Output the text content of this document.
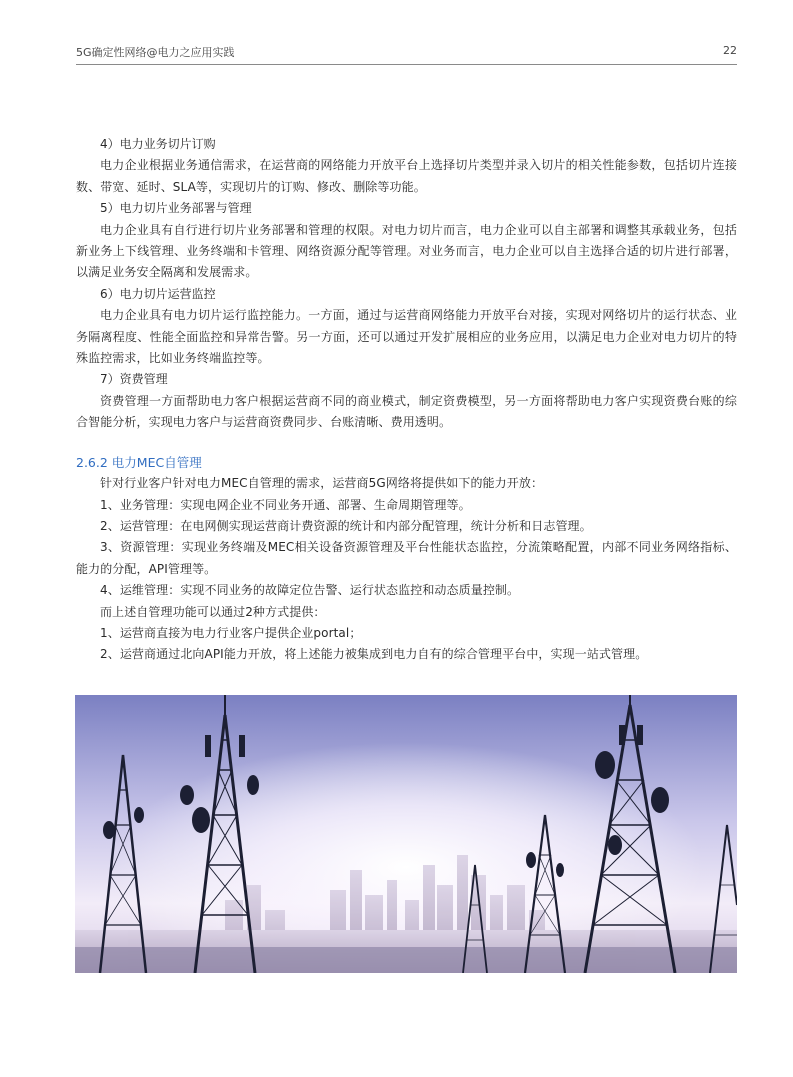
5G确定性网络@电力之应用实践	22

4）电力业务切片订购

电力企业根据业务通信需求，在运营商的网络能力开放平台上选择切片类型并录入切片的相关性能参数，包括切片连接数、带宽、延时、SLA等，实现切片的订购、修改、删除等功能。

5）电力切片业务部署与管理

电力企业具有自行进行切片业务部署和管理的权限。对电力切片而言，电力企业可以自主部署和调整其承载业务，包括新业务上下线管理、业务终端和卡管理、网络资源分配等管理。对业务而言，电力企业可以自主选择合适的切片进行部署，以满足业务安全隔离和发展需求。

6）电力切片运营监控

电力企业具有电力切片运行监控能力。一方面，通过与运营商网络能力开放平台对接，实现对网络切片的运行状态、业务隔离程度、性能全面监控和异常告警。另一方面，还可以通过开发扩展相应的业务应用，以满足电力企业对电力切片的特殊监控需求，比如业务终端监控等。

7）资费管理

资费管理一方面帮助电力客户根据运营商不同的商业模式，制定资费模型，另一方面将帮助电力客户实现资费台账的综合智能分析，实现电力客户与运营商资费同步、台账清晰、费用透明。

2.6.2 电力MEC自管理

针对行业客户针对电力MEC自管理的需求，运营商5G网络将提供如下的能力开放：

1、业务管理：实现电网企业不同业务开通、部署、生命周期管理等。

2、运营管理：在电网侧实现运营商计费资源的统计和内部分配管理，统计分析和日志管理。

3、资源管理：实现业务终端及MEC相关设备资源管理及平台性能状态监控，分流策略配置，内部不同业务网络指标、能力的分配，API管理等。

4、运维管理：实现不同业务的故障定位告警、运行状态监控和动态质量控制。

而上述自管理功能可以通过2种方式提供：

1、运营商直接为电力行业客户提供企业portal；

2、运营商通过北向API能力开放，将上述能力被集成到电力自有的综合管理平台中，实现一站式管理。
